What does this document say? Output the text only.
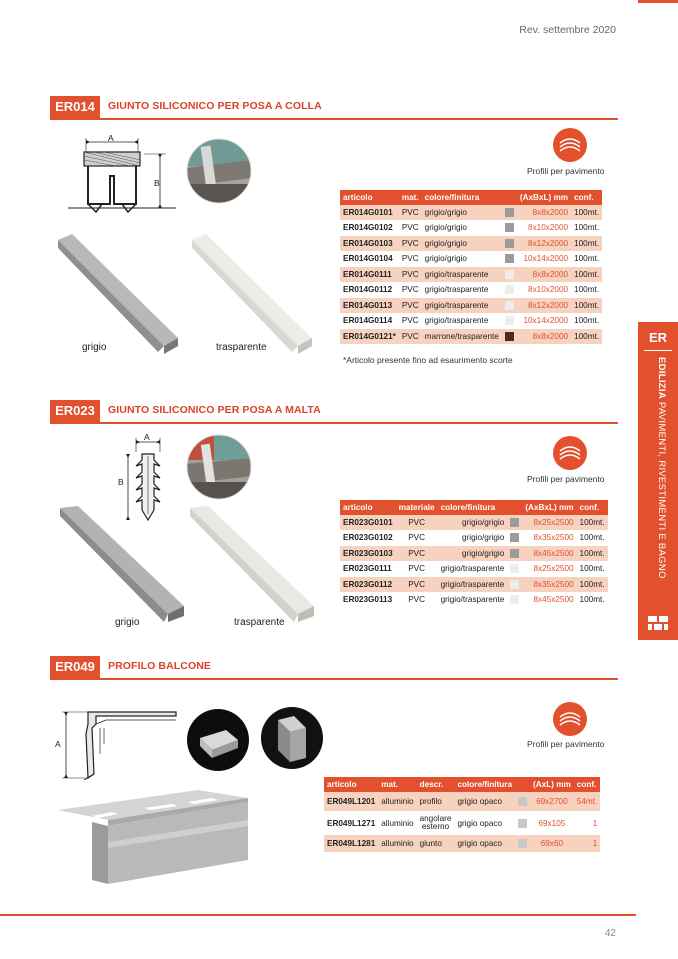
Rev. settembre 2020
ER014	GIUNTO SILICONICO PER POSA A COLLA
A
B
grigio	trasparente
Profili per pavimento
articolo	mat.	colore/finitura		(AxBxL) mm	conf.
ER014G0101	PVC	grigio/grigio		8x8x2000	100mt.
ER014G0102	PVC	grigio/grigio		8x10x2000	100mt.
ER014G0103	PVC	grigio/grigio		8x12x2000	100mt.
ER014G0104	PVC	grigio/grigio		10x14x2000	100mt.
ER014G0111	PVC	grigio/trasparente		8x8x2000	100mt.
ER014G0112	PVC	grigio/trasparente		8x10x2000	100mt.
ER014G0113	PVC	grigio/trasparente		8x12x2000	100mt.
ER014G0114	PVC	grigio/trasparente		10x14x2000	100mt.
ER014G0121*	PVC	marrone/trasparente		8x8x2000	100mt.
*Articolo presente fino ad esaurimento scorte
ER023	GIUNTO SILICONICO PER POSA A MALTA
A
B
grigio	trasparente
Profili per pavimento
articolo	materiale	colore/finitura		(AxBxL) mm	conf.
ER023G0101	PVC	grigio/grigio		8x25x2500	100mt.
ER023G0102	PVC	grigio/grigio		8x35x2500	100mt.
ER023G0103	PVC	grigio/grigio		8x45x2500	100mt.
ER023G0111	PVC	grigio/trasparente		8x25x2500	100mt.
ER023G0112	PVC	grigio/trasparente		8x35x2500	100mt.
ER023G0113	PVC	grigio/trasparente		8x45x2500	100mt.
ER049	PROFILO BALCONE
A	Profili per pavimento
articolo	mat.	descr.	colore/finitura		(AxL) mm	conf.
ER049L1201	alluminio	profilo	grigio opaco		69x2700	54mt.
ER049L1271	alluminio	angolare esterno	grigio opaco		69x105	1
ER049L1281	alluminio	giunto	grigio opaco		69x60	1
ER
EDILIZIA PAVIMENTI, RIVESTIMENTI E BAGNO
42
